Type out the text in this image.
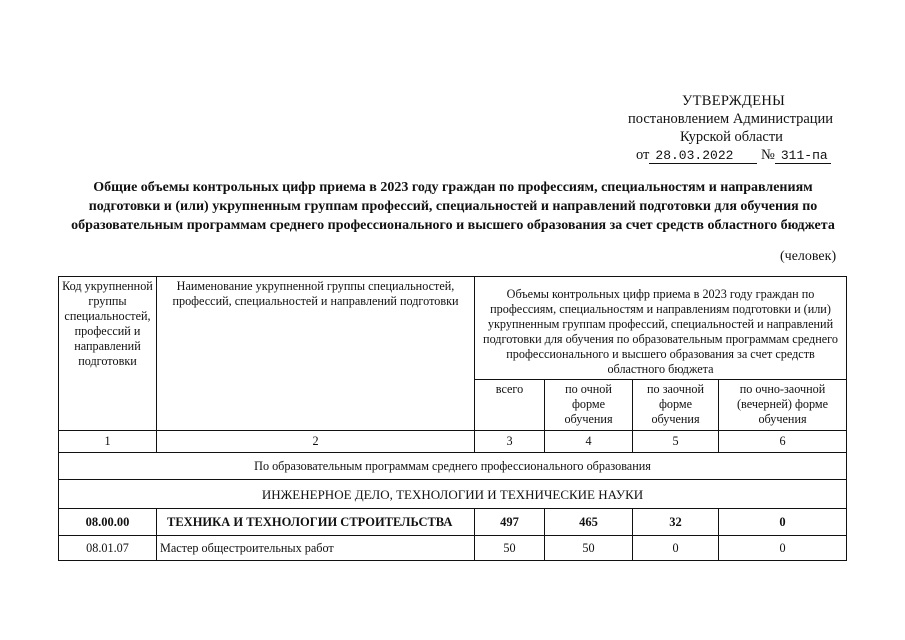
УТВЕРЖДЕНЫ
постановлением Администрации
Курской области
от 28.03.2022 № 311-па
Общие объемы контрольных цифр приема в 2023 году граждан по профессиям, специальностям и направлениям подготовки и (или) укрупненным группам профессий, специальностей и направлений подготовки для обучения по образовательным программам среднего профессионального и высшего образования за счет средств областного бюджета
(человек)
Код укрупненной группы специальностей, профессий и направлений подготовки	Наименование укрупненной группы специальностей, профессий, специальностей и направлений подготовки	Объемы контрольных цифр приема в 2023 году граждан по профессиям, специальностям и направлениям подготовки и (или) укрупненным группам профессий, специальностей и направлений подготовки для обучения по образовательным программам среднего профессионального и высшего образования за счет средств областного бюджета			
		всего	по очной форме обучения	по заочной форме обучения	по очно-заочной (вечерней) форме обучения
1	2	3	4	5	6
По образовательным программам среднего профессионального образования					
ИНЖЕНЕРНОЕ ДЕЛО, ТЕХНОЛОГИИ И ТЕХНИЧЕСКИЕ НАУКИ					
08.00.00	ТЕХНИКА И ТЕХНОЛОГИИ СТРОИТЕЛЬСТВА	497	465	32	0
08.01.07	Мастер общестроительных работ	50	50	0	0
